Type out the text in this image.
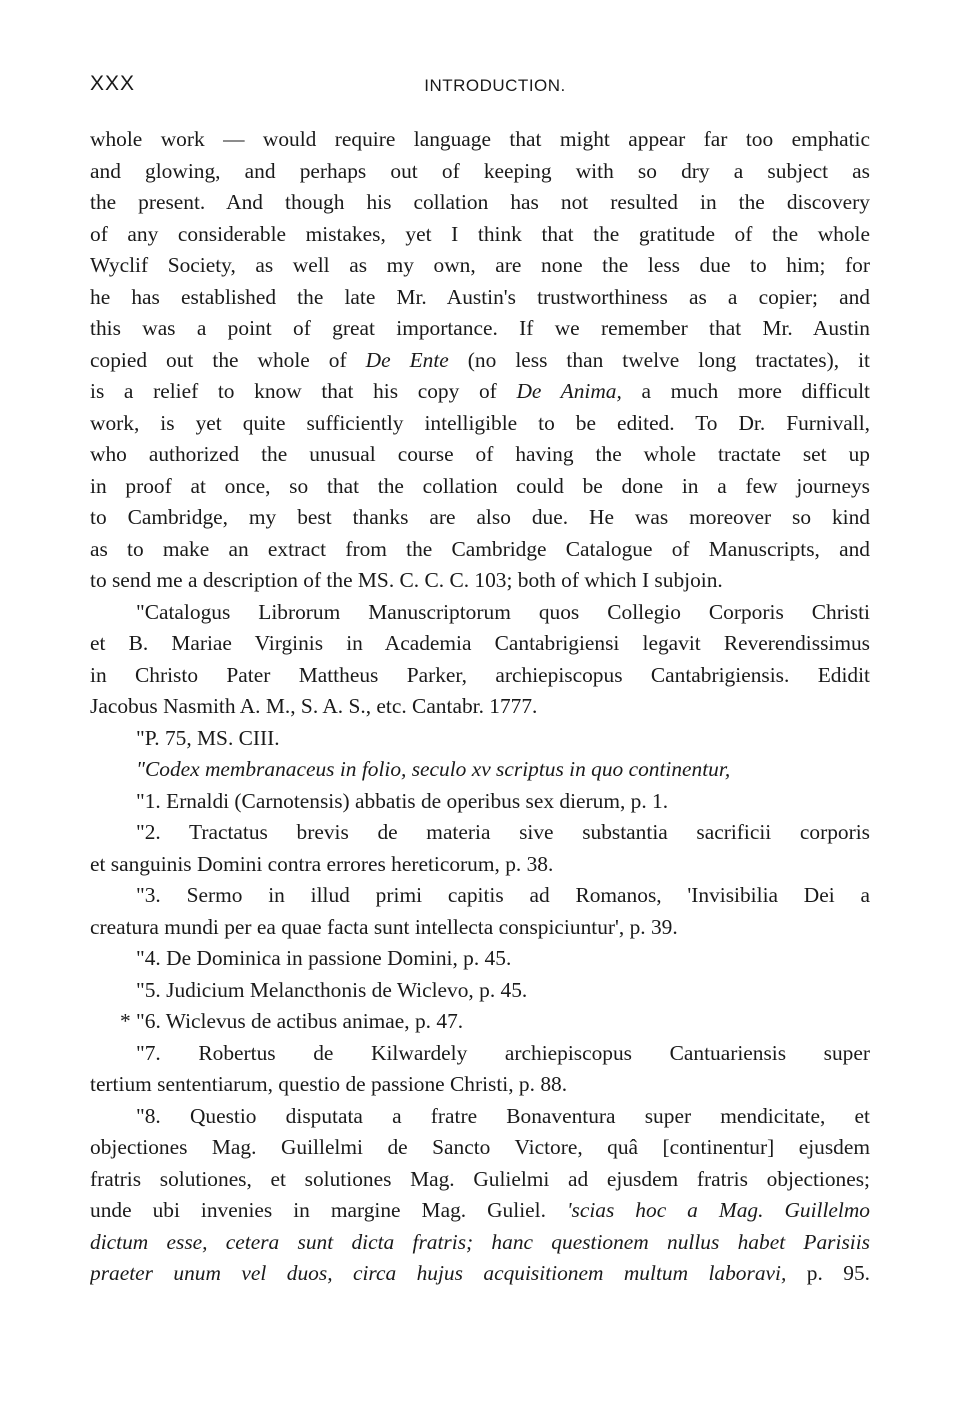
XXX	INTRODUCTION.
whole work — would require language that might appear far too emphatic
and glowing, and perhaps out of keeping with so dry a subject as
the present. And though his collation has not resulted in the discovery
of any considerable mistakes, yet I think that the gratitude of the whole
Wyclif Society, as well as my own, are none the less due to him; for
he has established the late Mr. Austin's trustworthiness as a copier; and
this was a point of great importance. If we remember that Mr. Austin
copied out the whole of De Ente (no less than twelve long tractates), it
is a relief to know that his copy of De Anima, a much more difficult
work, is yet quite sufficiently intelligible to be edited. To Dr. Furnivall,
who authorized the unusual course of having the whole tractate set up
in proof at once, so that the collation could be done in a few journeys
to Cambridge, my best thanks are also due. He was moreover so kind
as to make an extract from the Cambridge Catalogue of Manuscripts, and
to send me a description of the MS. C. C. C. 103; both of which I subjoin.
"Catalogus Librorum Manuscriptorum quos Collegio Corporis Christi
et B. Mariae Virginis in Academia Cantabrigiensi legavit Reverendissimus
in Christo Pater Mattheus Parker, archiepiscopus Cantabrigiensis. Edidit
Jacobus Nasmith A. M., S. A. S., etc. Cantabr. 1777.
"P. 75, MS. CIII.
"Codex membranaceus in folio, seculo xv scriptus in quo continentur,
"1. Ernaldi (Carnotensis) abbatis de operibus sex dierum, p. 1.
"2. Tractatus brevis de materia sive substantia sacrificii corporis
et sanguinis Domini contra errores hereticorum, p. 38.
"3. Sermo in illud primi capitis ad Romanos, 'Invisibilia Dei a
creatura mundi per ea quae facta sunt intellecta conspiciuntur', p. 39.
"4. De Dominica in passione Domini, p. 45.
"5. Judicium Melancthonis de Wiclevo, p. 45.
* "6. Wiclevus de actibus animae, p. 47.
"7. Robertus de Kilwardely archiepiscopus Cantuariensis super
tertium sententiarum, questio de passione Christi, p. 88.
"8. Questio disputata a fratre Bonaventura super mendicitate, et
objectiones Mag. Guillelmi de Sancto Victore, quâ [continentur] ejusdem
fratris solutiones, et solutiones Mag. Gulielmi ad ejusdem fratris objectiones;
unde ubi invenies in margine Mag. Guliel. 'scias hoc a Mag. Guillelmo
dictum esse, cetera sunt dicta fratris; hanc questionem nullus habet Parisiis
praeter unum vel duos, circa hujus acquisitionem multum laboravi, p. 95.
